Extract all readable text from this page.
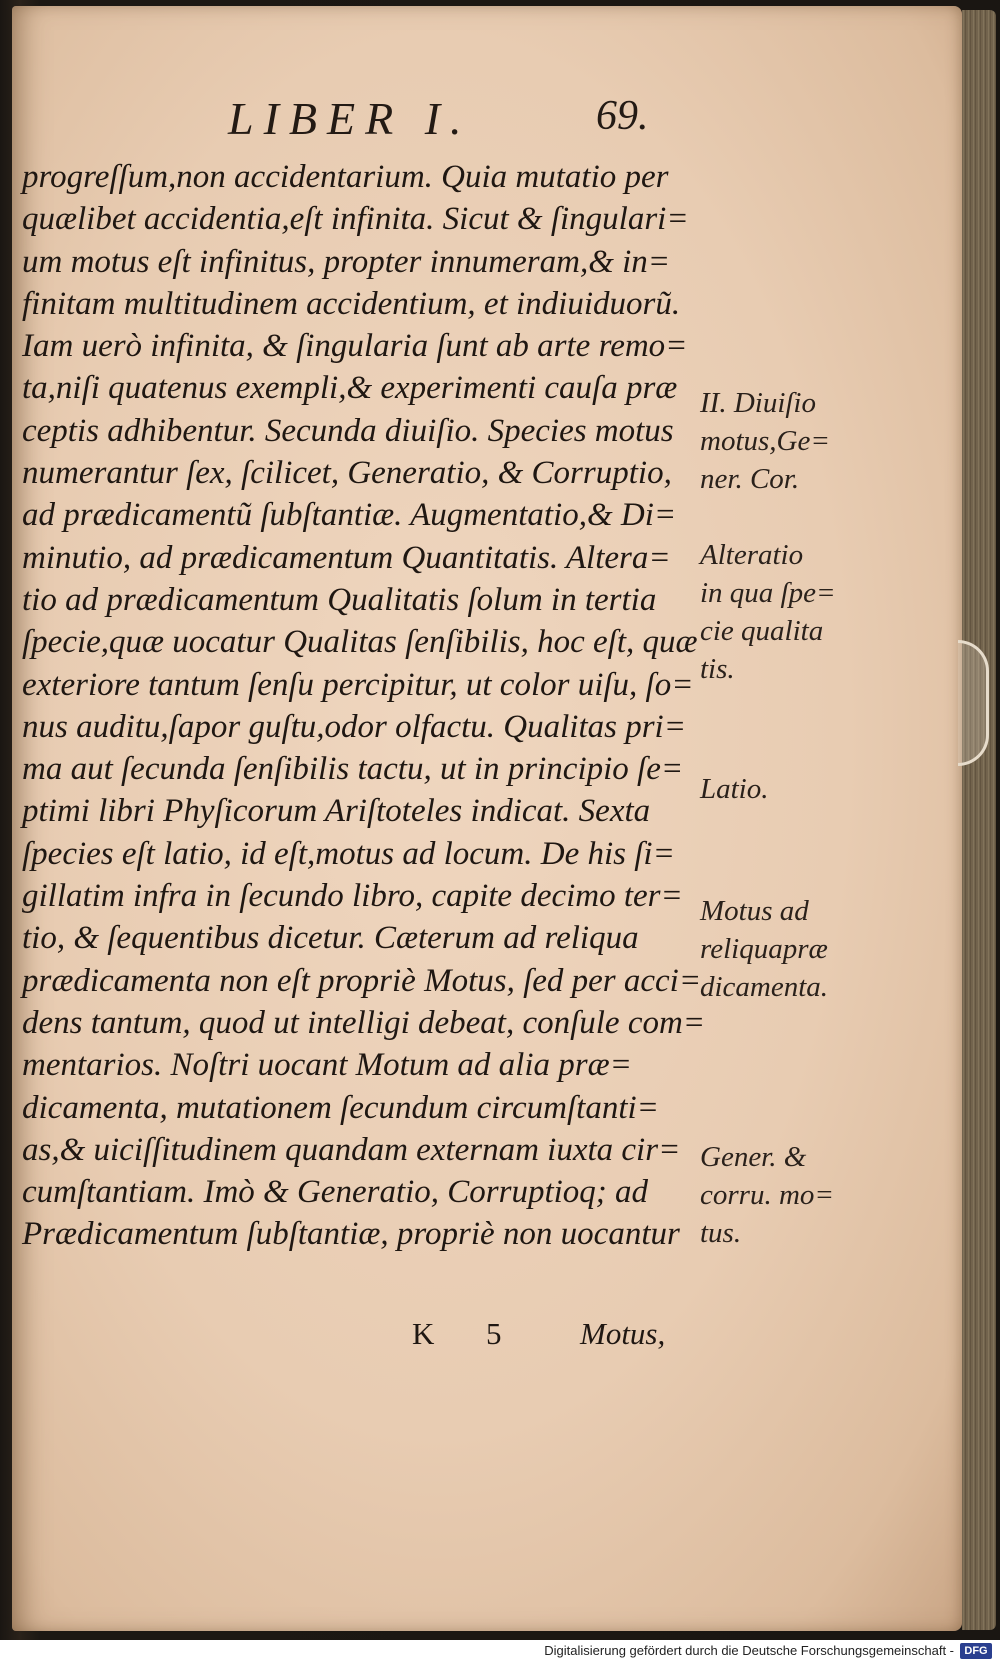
LIBER I.	69.
progreſſum,non accidentarium. Quia mutatio per
quælibet accidentia,eſt infinita. Sicut & ſingulari=
um motus eſt infinitus, propter innumeram,& in=
finitam multitudinem accidentium, et indiuiduorũ.
Iam uerò infinita, & ſingularia ſunt ab arte remo=
ta,niſi quatenus exempli,& experimenti cauſa præ
ceptis adhibentur. Secunda diuiſio. Species motus
numerantur ſex, ſcilicet, Generatio, & Corruptio,
ad prædicamentũ ſubſtantiæ. Augmentatio,& Di=
minutio, ad prædicamentum Quantitatis. Altera=
tio ad prædicamentum Qualitatis ſolum in tertia
ſpecie,quæ uocatur Qualitas ſenſibilis, hoc eſt, quæ
exteriore tantum ſenſu percipitur, ut color uiſu, ſo=
nus auditu,ſapor guſtu,odor olfactu. Qualitas pri=
ma aut ſecunda ſenſibilis tactu, ut in principio ſe=
ptimi libri Phyſicorum Ariſtoteles indicat. Sexta
ſpecies eſt latio, id eſt,motus ad locum. De his ſi=
gillatim infra in ſecundo libro, capite decimo ter=
tio, & ſequentibus dicetur. Cæterum ad reliqua
prædicamenta non eſt propriè Motus, ſed per acci=
dens tantum, quod ut intelligi debeat, conſule com=
mentarios. Noſtri uocant Motum ad alia præ=
dicamenta, mutationem ſecundum circumſtanti=
as,& uiciſſitudinem quandam externam iuxta cir=
cumſtantiam. Imò & Generatio, Corruptioq; ad
Prædicamentum ſubſtantiæ, propriè non uocantur
II. Diuiſio
motus,Ge=
ner. Cor.
Alteratio
in qua ſpe=
cie qualita
tis.
Latio.
Motus ad
reliquapræ
dicamenta.
Gener. &
corru. mo=
tus.
K 5	Motus,
Digitalisierung gefördert durch die Deutsche Forschungsgemeinschaft - DFG
